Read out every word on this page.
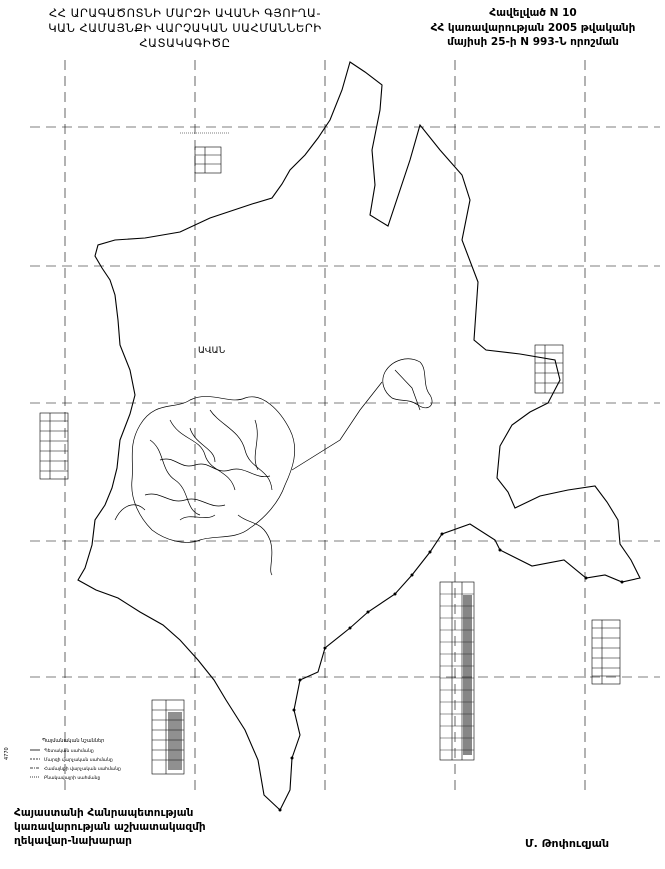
ՀՀ ԱՐԱԳԱԾՈՏՆԻ ՄԱՐԶԻ ԱՎԱՆԻ ԳՅՈՒՂԱ-
ԿԱՆ ՀԱՄԱՅՆՔԻ ՎԱՐՉԱԿԱՆ ՍԱՀՄԱՆՆԵՐԻ
ՀԱՏԱԿԱԳԻԾԸ
Հավելված N 10
ՀՀ կառավարության 2005 թվականի
մայիսի 25-ի N 993-Ն որոշման
ԱՎԱՆ
Պայմանական նշաններ
Պետական սահմանը
Մարզի վարչական սահմանը
Համայնքի վարչական սահմանը
Բնակավայրի սահմանը
4770
Հայաստանի Հանրապետության
կառավարության աշխատակազմի
ղեկավար-նախարար	Մ. Թոփուզյան
